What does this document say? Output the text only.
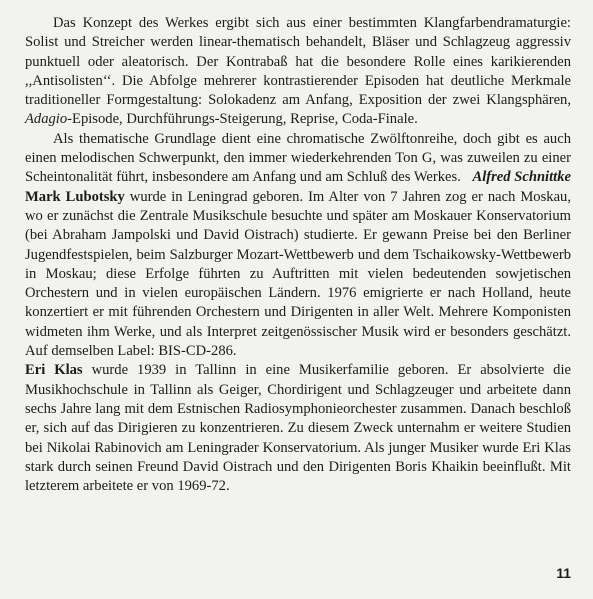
Das Konzept des Werkes ergibt sich aus einer bestimmten Klangfarbendramaturgie: Solist und Streicher werden linear-thematisch behandelt, Bläser und Schlagzeug aggressiv punktuell oder aleatorisch. Der Kontrabaß hat die besondere Rolle eines karikierenden ,,Antisolisten‘‘. Die Abfolge mehrerer kontrastierender Episoden hat deutliche Merkmale traditioneller Formgestaltung: Solokadenz am Anfang, Exposition der zwei Klangsphären, Adagio-Episode, Durchführungs-Steigerung, Reprise, Coda-Finale.

Als thematische Grundlage dient eine chromatische Zwölftonreihe, doch gibt es auch einen melodischen Schwerpunkt, den immer wiederkehrenden Ton G, was zuweilen zu einer Scheintonalität führt, insbesondere am Anfang und am Schluß des Werkes. Alfred Schnittke

Mark Lubotsky wurde in Leningrad geboren. Im Alter von 7 Jahren zog er nach Moskau, wo er zunächst die Zentrale Musikschule besuchte und später am Moskauer Konservatorium (bei Abraham Jampolski und David Oistrach) studierte. Er gewann Preise bei den Berliner Jugendfestspielen, beim Salzburger Mozart-Wettbewerb und dem Tschaikowsky-Wettbewerb in Moskau; diese Erfolge führten zu Auftritten mit vielen bedeutenden sowjetischen Orchestern und in vielen europäischen Ländern. 1976 emigrierte er nach Holland, heute konzertiert er mit führenden Orchestern und Dirigenten in aller Welt. Mehrere Komponisten widmeten ihm Werke, und als Interpret zeitgenössischer Musik wird er besonders geschätzt. Auf demselben Label: BIS-CD-286.

Eri Klas wurde 1939 in Tallinn in eine Musikerfamilie geboren. Er absolvierte die Musikhochschule in Tallinn als Geiger, Chordirigent und Schlagzeuger und arbeitete dann sechs Jahre lang mit dem Estnischen Radiosymphonieorchester zusammen. Danach beschloß er, sich auf das Dirigieren zu konzentrieren. Zu diesem Zweck unternahm er weitere Studien bei Nikolai Rabinovich am Leningrader Konservatorium. Als junger Musiker wurde Eri Klas stark durch seinen Freund David Oistrach und den Dirigenten Boris Khaikin beeinflußt. Mit letzterem arbeitete er von 1969-72.

11
